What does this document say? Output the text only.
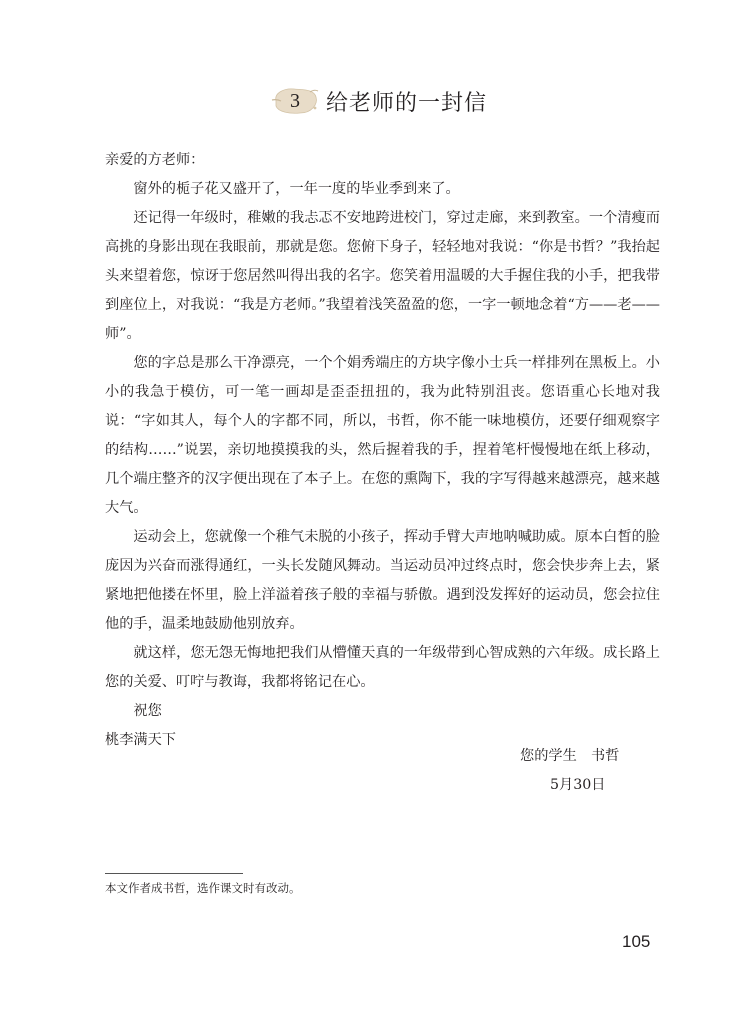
3	给老师的一封信

亲爱的方老师：

窗外的栀子花又盛开了，一年一度的毕业季到来了。

还记得一年级时，稚嫩的我忐忑不安地跨进校门，穿过走廊，来到教室。一个清瘦而高挑的身影出现在我眼前，那就是您。您俯下身子，轻轻地对我说：“你是书哲？”我抬起头来望着您，惊讶于您居然叫得出我的名字。您笑着用温暖的大手握住我的小手，把我带到座位上，对我说：“我是方老师。”我望着浅笑盈盈的您，一字一顿地念着“方——老——师”。

您的字总是那么干净漂亮，一个个娟秀端庄的方块字像小士兵一样排列在黑板上。小小的我急于模仿，可一笔一画却是歪歪扭扭的，我为此特别沮丧。您语重心长地对我说：“字如其人，每个人的字都不同，所以，书哲，你不能一味地模仿，还要仔细观察字的结构……”说罢，亲切地摸摸我的头，然后握着我的手，捏着笔杆慢慢地在纸上移动，几个端庄整齐的汉字便出现在了本子上。在您的熏陶下，我的字写得越来越漂亮，越来越大气。

运动会上，您就像一个稚气未脱的小孩子，挥动手臂大声地呐喊助威。原本白皙的脸庞因为兴奋而涨得通红，一头长发随风舞动。当运动员冲过终点时，您会快步奔上去，紧紧地把他搂在怀里，脸上洋溢着孩子般的幸福与骄傲。遇到没发挥好的运动员，您会拉住他的手，温柔地鼓励他别放弃。

就这样，您无怨无悔地把我们从懵懂天真的一年级带到心智成熟的六年级。成长路上您的关爱、叮咛与教诲，我都将铭记在心。

祝您

桃李满天下

您的学生　书哲
5月30日
本文作者成书哲，选作课文时有改动。
105
